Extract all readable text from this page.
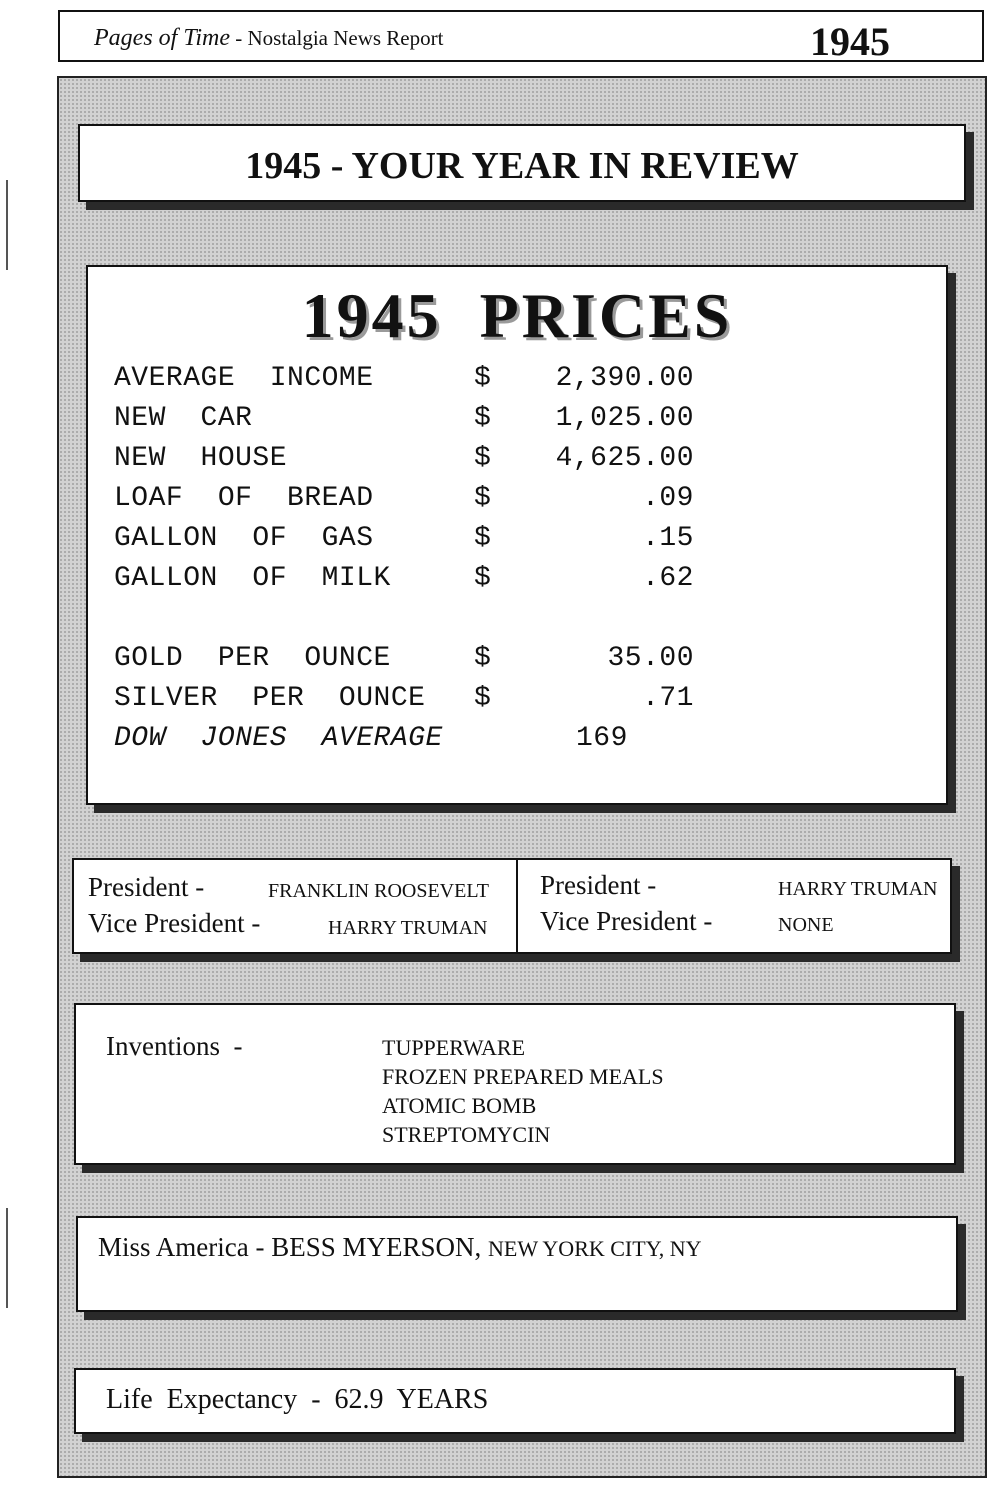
Pages of Time - Nostalgia News Report	1945
1945 - YOUR YEAR IN REVIEW
1945  PRICES
AVERAGE  INCOME	$ 2,390.00
NEW  CAR	$ 1,025.00
NEW  HOUSE	$ 4,625.00
LOAF  OF  BREAD	$	.09
GALLON  OF  GAS	$	.15
GALLON  OF  MILK	$	.62
GOLD  PER  OUNCE	$	35.00
SILVER  PER  OUNCE $	.71
DOW  JONES  AVERAGE	169
President -	FRANKLIN ROOSEVELT
Vice President -	HARRY TRUMAN
President -	HARRY TRUMAN
Vice President -	NONE
Inventions  -	TUPPERWARE
FROZEN PREPARED MEALS
ATOMIC BOMB
STREPTOMYCIN
Miss America - BESS MYERSON, NEW YORK CITY, NY
Life  Expectancy  -  62.9  YEARS
